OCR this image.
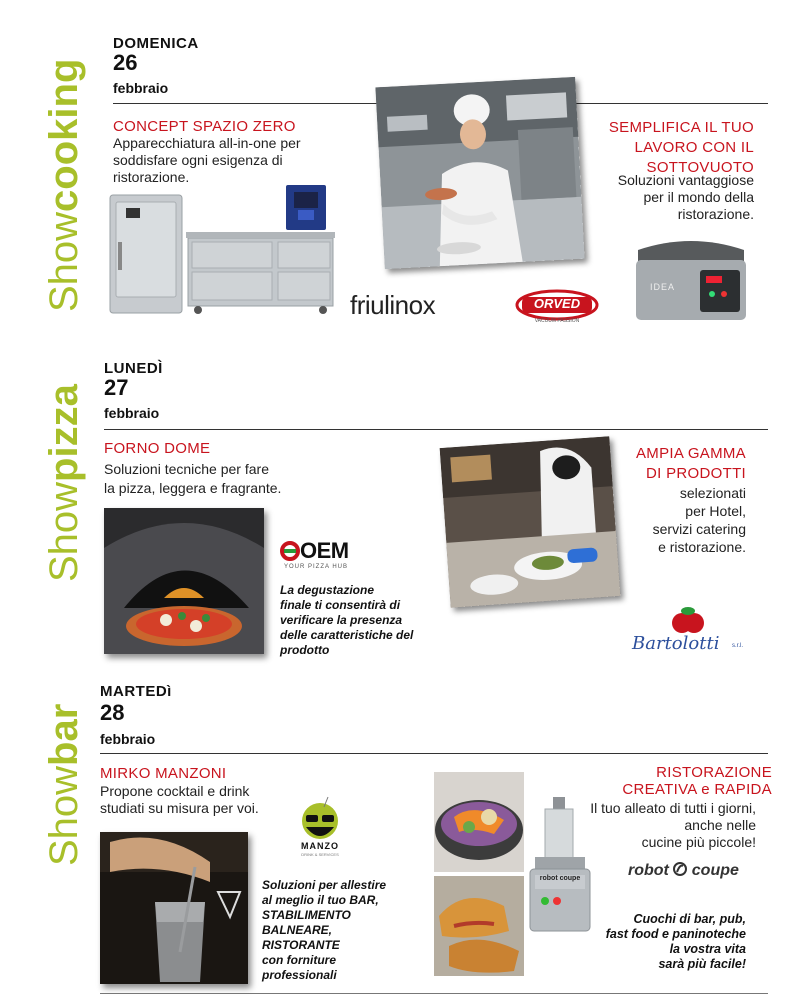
Showcooking
DOMENICA
26
febbraio
CONCEPT SPAZIO ZERO
Apparecchiatura all-in-one per soddisfare ogni esigenza di ristorazione.
friulinox	ORVED
VACUUM PASSION
SEMPLIFICA IL TUO
LAVORO CON IL
SOTTOVUOTO
Soluzioni vantaggiose
per il mondo della
ristorazione.
IDEA
Showpizza
LUNEDÌ
27
febbraio
FORNO DOME
Soluzioni tecniche per fare
la pizza, leggera e fragrante.
OEM
YOUR PIZZA HUB
La degustazione
finale ti consentirà di
verificare la presenza
delle caratteristiche del
prodotto
AMPIA GAMMA
DI PRODOTTI
selezionati
per Hotel,
servizi catering
e ristorazione.
Bartolotti s.r.l.
Showbar
MARTEDì
28
febbraio
MIRKO MANZONI
Propone cocktail e drink
studiati su misura per voi.
MANZO
DRINK & SERVICES
Soluzioni per allestire
al meglio il tuo BAR,
STABILIMENTO
BALNEARE,
RISTORANTE
con forniture
professionali
robot coupe
RISTORAZIONE
CREATIVA e RAPIDA
Il tuo alleato di tutti i giorni,
anche nelle
cucine più piccole!
robot coupe
Cuochi di bar, pub,
fast food e paninoteche
la vostra vita
sarà più facile!
